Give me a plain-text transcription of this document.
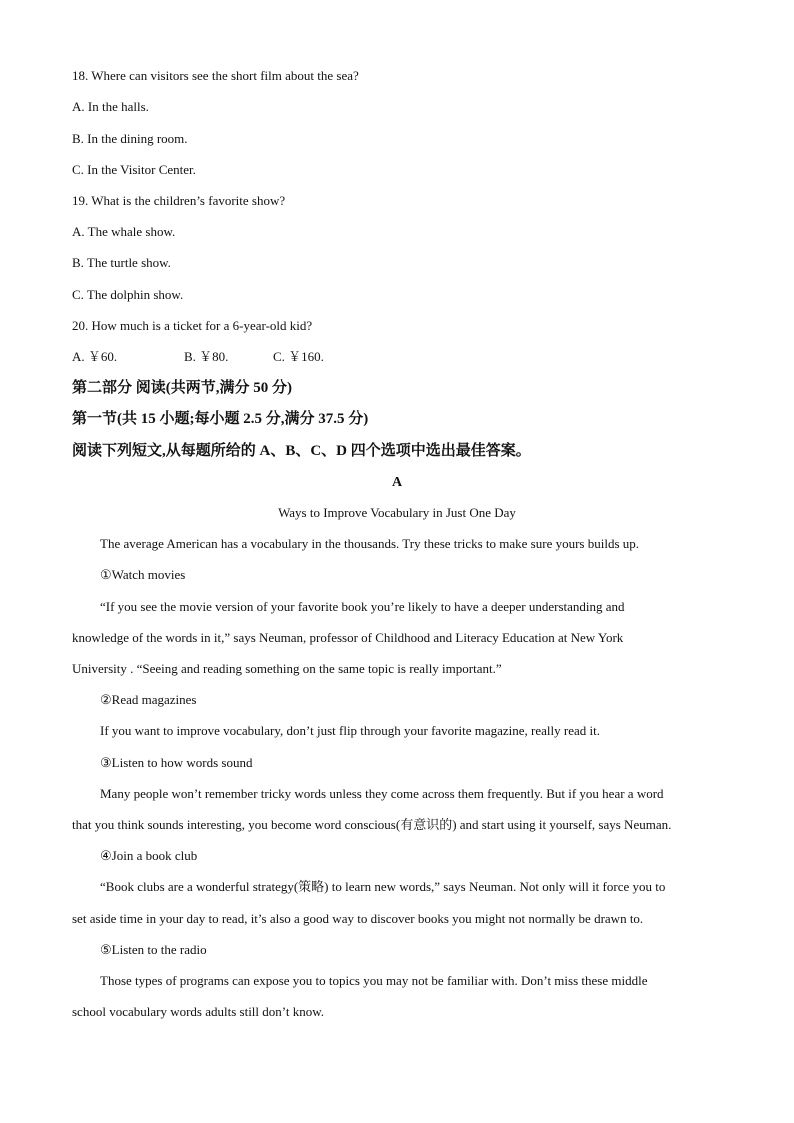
18. Where can visitors see the short film about the sea?
A. In the halls.
B. In the dining room.
C. In the Visitor Center.
19. What is the children’s favorite show?
A. The whale show.
B. The turtle show.
C. The dolphin show.
20. How much is a ticket for a 6-year-old kid?
A. ￥60.	B. ￥80.	C. ￥160.
第二部分 阅读(共两节,满分 50 分)
第一节(共 15 小题;每小题 2.5 分,满分 37.5 分)
阅读下列短文,从每题所给的 A、B、C、D 四个选项中选出最佳答案。
A
Ways to Improve Vocabulary in Just One Day
The average American has a vocabulary in the thousands. Try these tricks to make sure yours builds up.
①Watch movies
“If you see the movie version of your favorite book you’re likely to have a deeper understanding and
knowledge of the words in it,” says Neuman, professor of Childhood and Literacy Education at New York
University . “Seeing and reading something on the same topic is really important.”
②Read magazines
If you want to improve vocabulary, don’t just flip through your favorite magazine, really read it.
③Listen to how words sound
Many people won’t remember tricky words unless they come across them frequently. But if you hear a word
that you think sounds interesting, you become word conscious(有意识的) and start using it yourself, says Neuman.
④Join a book club
“Book clubs are a wonderful strategy(策略) to learn new words,” says Neuman. Not only will it force you to
set aside time in your day to read, it’s also a good way to discover books you might not normally be drawn to.
⑤Listen to the radio
Those types of programs can expose you to topics you may not be familiar with. Don’t miss these middle
school vocabulary words adults still don’t know.
